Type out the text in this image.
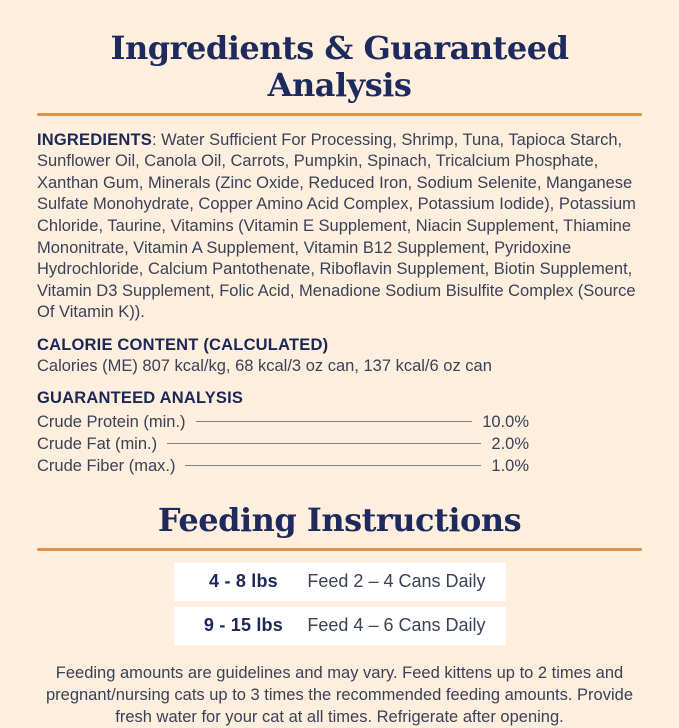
Ingredients & Guaranteed Analysis

INGREDIENTS: Water Sufficient For Processing, Shrimp, Tuna, Tapioca Starch, Sunflower Oil, Canola Oil, Carrots, Pumpkin, Spinach, Tricalcium Phosphate, Xanthan Gum, Minerals (Zinc Oxide, Reduced Iron, Sodium Selenite, Manganese Sulfate Monohydrate, Copper Amino Acid Complex, Potassium Iodide), Potassium Chloride, Taurine, Vitamins (Vitamin E Supplement, Niacin Supplement, Thiamine Mononitrate, Vitamin A Supplement, Vitamin B12 Supplement, Pyridoxine Hydrochloride, Calcium Pantothenate, Riboflavin Supplement, Biotin Supplement, Vitamin D3 Supplement, Folic Acid, Menadione Sodium Bisulfite Complex (Source Of Vitamin K)).

CALORIE CONTENT (CALCULATED)

Calories (ME) 807 kcal/kg, 68 kcal/3 oz can, 137 kcal/6 oz can

GUARANTEED ANALYSIS
Crude Protein (min.)	10.0%
Crude Fat (min.)	2.0%
Crude Fiber (max.)	1.0%
Feeding Instructions
4 - 8 lbs	Feed 2 – 4 Cans Daily
9 - 15 lbs	Feed 4 – 6 Cans Daily

Feeding amounts are guidelines and may vary. Feed kittens up to 2 times and pregnant/nursing cats up to 3 times the recommended feeding amounts. Provide fresh water for your cat at all times. Refrigerate after opening.
